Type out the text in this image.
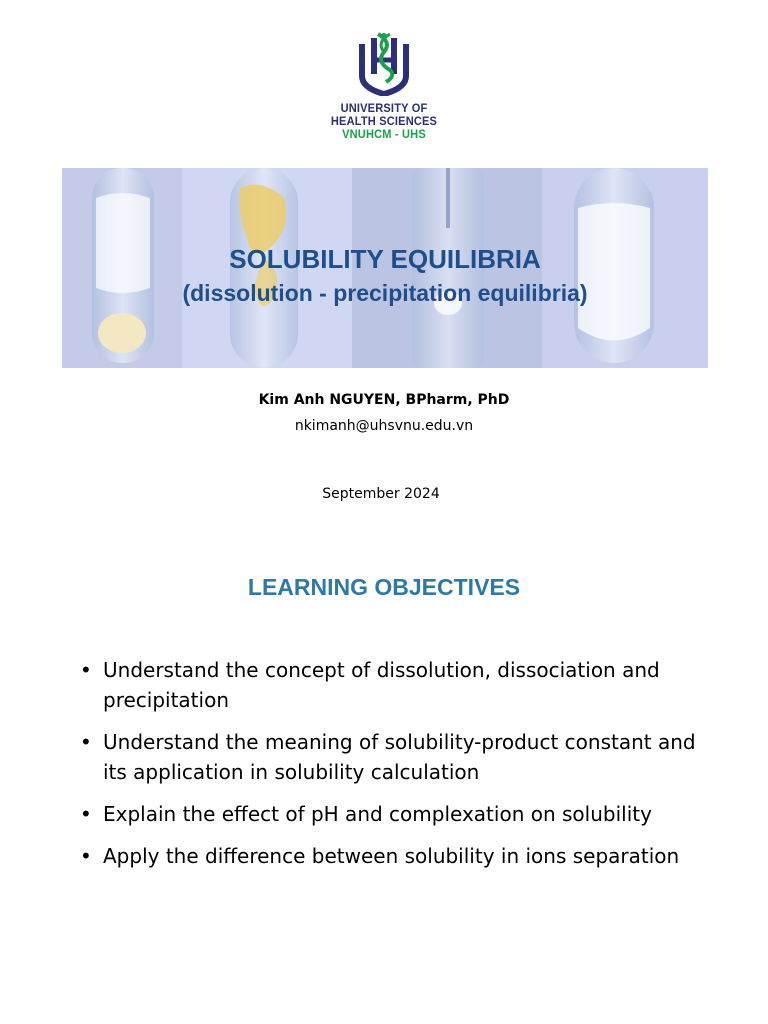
UNIVERSITY OF
HEALTH SCIENCES
VNUHCM - UHS
SOLUBILITY EQUILIBRIA
(dissolution - precipitation equilibria)
Kim Anh NGUYEN, BPharm, PhD
nkimanh@uhsvnu.edu.vn
September 2024
LEARNING OBJECTIVES
• Understand the concept of dissolution, dissociation and precipitation
• Understand the meaning of solubility-product constant and its application in solubility calculation
• Explain the effect of pH and complexation on solubility
• Apply the difference between solubility in ions separation
